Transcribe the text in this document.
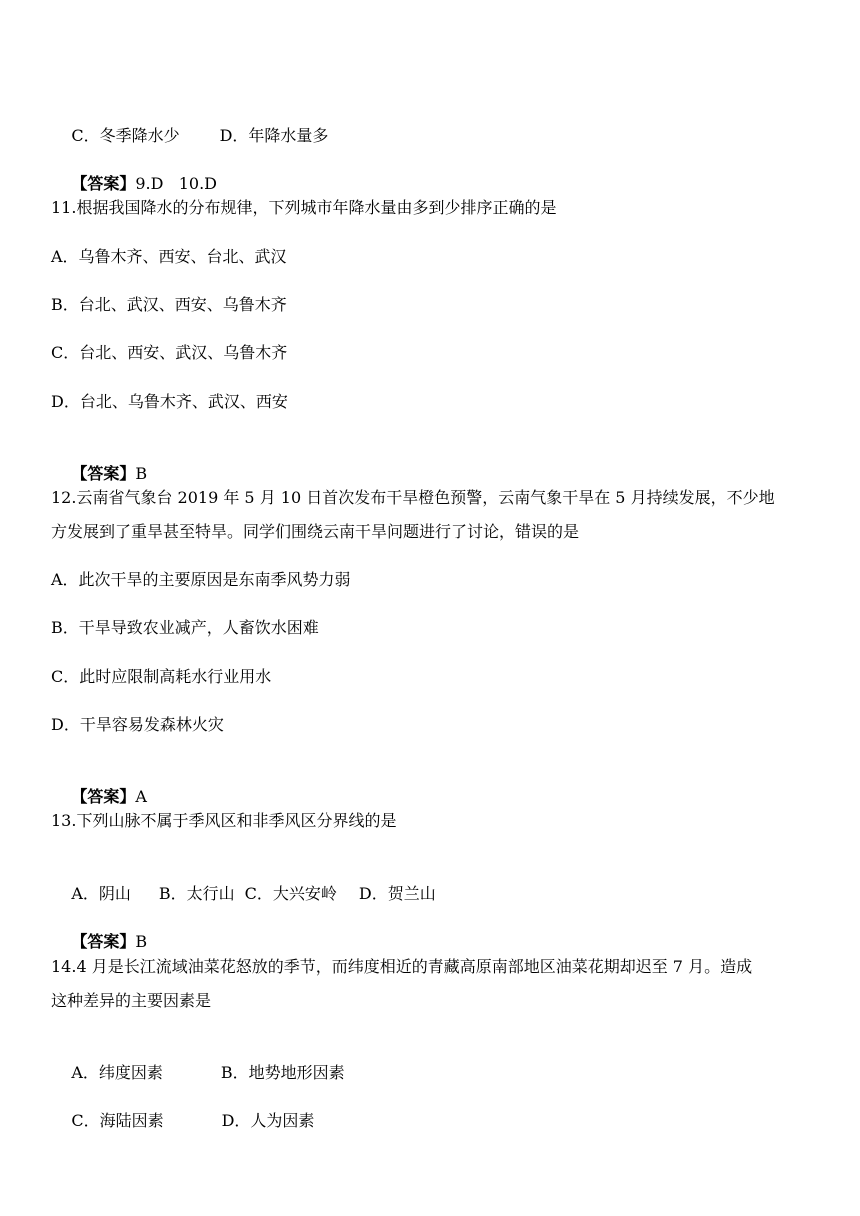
C．冬季降水少	D．年降水量多

【答案】9.D   10.D

11.根据我国降水的分布规律，下列城市年降水量由多到少排序正确的是
A．乌鲁木齐、西安、台北、武汉
B．台北、武汉、西安、乌鲁木齐
C．台北、西安、武汉、乌鲁木齐
D．台北、乌鲁木齐、武汉、西安

【答案】B

12.云南省气象台 2019 年 5 月 10 日首次发布干旱橙色预警，云南气象干旱在 5 月持续发展，不少地
方发展到了重旱甚至特旱。同学们围绕云南干旱问题进行了讨论，错误的是
A．此次干旱的主要原因是东南季风势力弱
B．干旱导致农业减产，人畜饮水困难
C．此时应限制高耗水行业用水
D．干旱容易发森林火灾

【答案】A

13.下列山脉不属于季风区和非季风区分界线的是

A．阴山 B．太行山 C．大兴安岭 D．贺兰山

【答案】B

14.4 月是长江流域油菜花怒放的季节，而纬度相近的青藏高原南部地区油菜花期却迟至 7 月。造成
这种差异的主要因素是

A．纬度因素	B．地势地形因素

C．海陆因素	D．人为因素
